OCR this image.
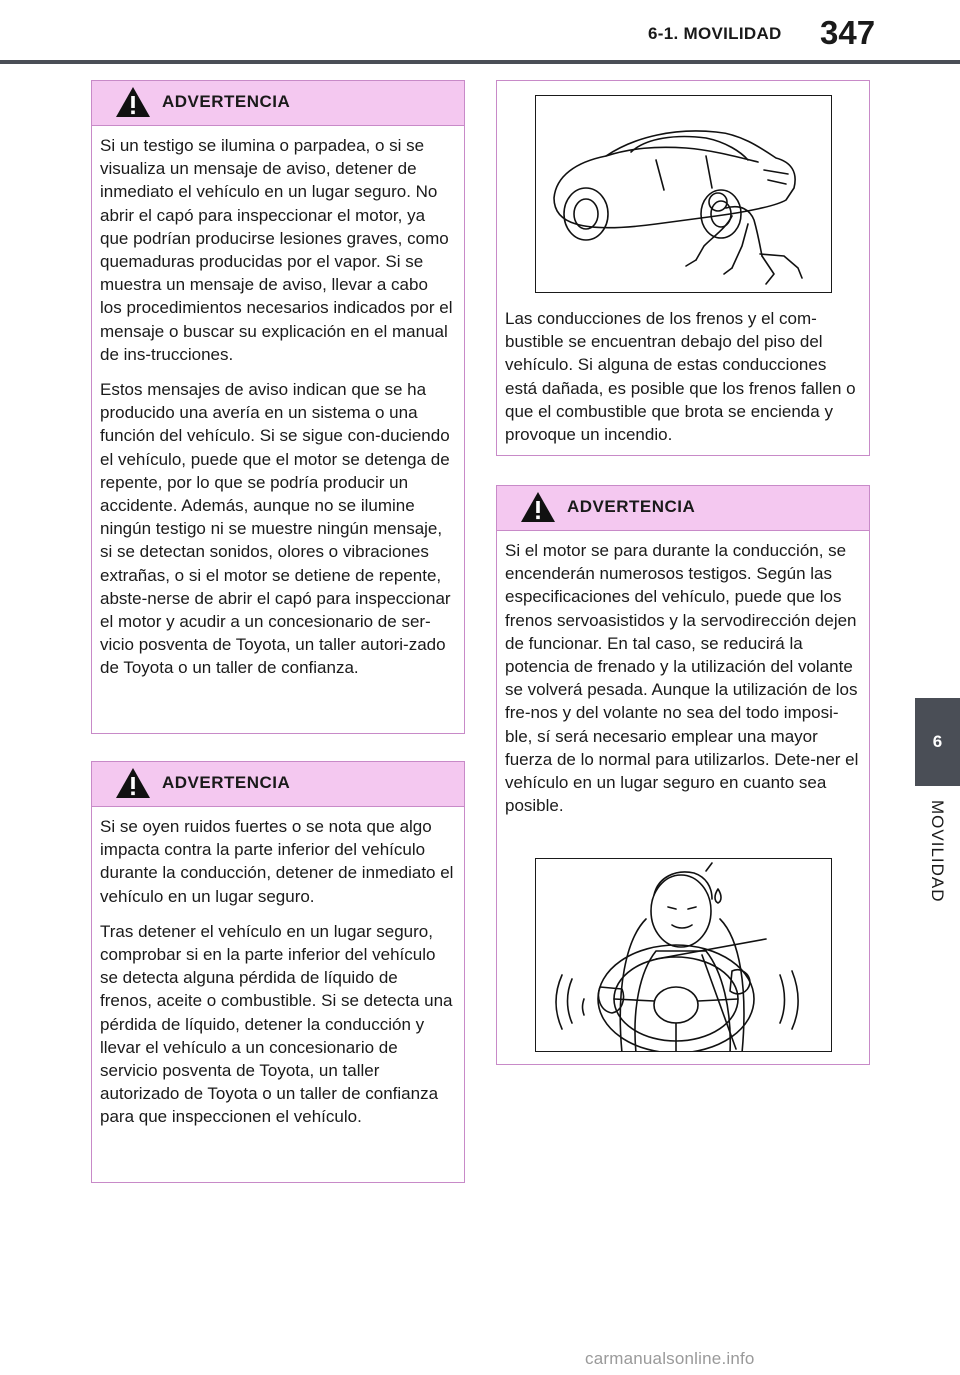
6-1. MOVILIDAD 347
6
MOVILIDAD
ADVERTENCIA

Si un testigo se ilumina o parpadea, o si se visualiza un mensaje de aviso, detener de inmediato el vehículo en un lugar seguro. No abrir el capó para inspeccionar el motor, ya que podrían producirse lesiones graves, como quemaduras producidas por el vapor. Si se muestra un mensaje de aviso, llevar a cabo los procedimientos necesarios indicados por el mensaje o buscar su explicación en el manual de ins-trucciones.

Estos mensajes de aviso indican que se ha producido una avería en un sistema o una función del vehículo. Si se sigue con-duciendo el vehículo, puede que el motor se detenga de repente, por lo que se podría producir un accidente. Además, aunque no se ilumine ningún testigo ni se muestre ningún mensaje, si se detectan sonidos, olores o vibraciones extrañas, o si el motor se detiene de repente, abste-nerse de abrir el capó para inspeccionar el motor y acudir a un concesionario de ser-vicio posventa de Toyota, un taller autori-zado de Toyota o un taller de confianza.

ADVERTENCIA

Si se oyen ruidos fuertes o se nota que algo impacta contra la parte inferior del vehículo durante la conducción, detener de inmediato el vehículo en un lugar seguro.

Tras detener el vehículo en un lugar seguro, comprobar si en la parte inferior del vehículo se detecta alguna pérdida de líquido de frenos, aceite o combustible. Si se detecta una pérdida de líquido, detener la conducción y llevar el vehículo a un concesionario de servicio posventa de Toyota, un taller autorizado de Toyota o un taller de confianza para que inspeccionen el vehículo.

Las conducciones de los frenos y el com-bustible se encuentran debajo del piso del vehículo. Si alguna de estas conducciones está dañada, es posible que los frenos fallen o que el combustible que brota se encienda y provoque un incendio.
ADVERTENCIA

Si el motor se para durante la conducción, se encenderán numerosos testigos. Según las especificaciones del vehículo, puede que los frenos servoasistidos y la servodirección dejen de funcionar. En tal caso, se reducirá la potencia de frenado y la utilización del volante se volverá pesada. Aunque la utilización de los fre-nos y del volante no sea del todo imposi-ble, sí será necesario emplear una mayor fuerza de lo normal para utilizarlos. Dete-ner el vehículo en un lugar seguro en cuanto sea posible.

carmanualsonline.info
